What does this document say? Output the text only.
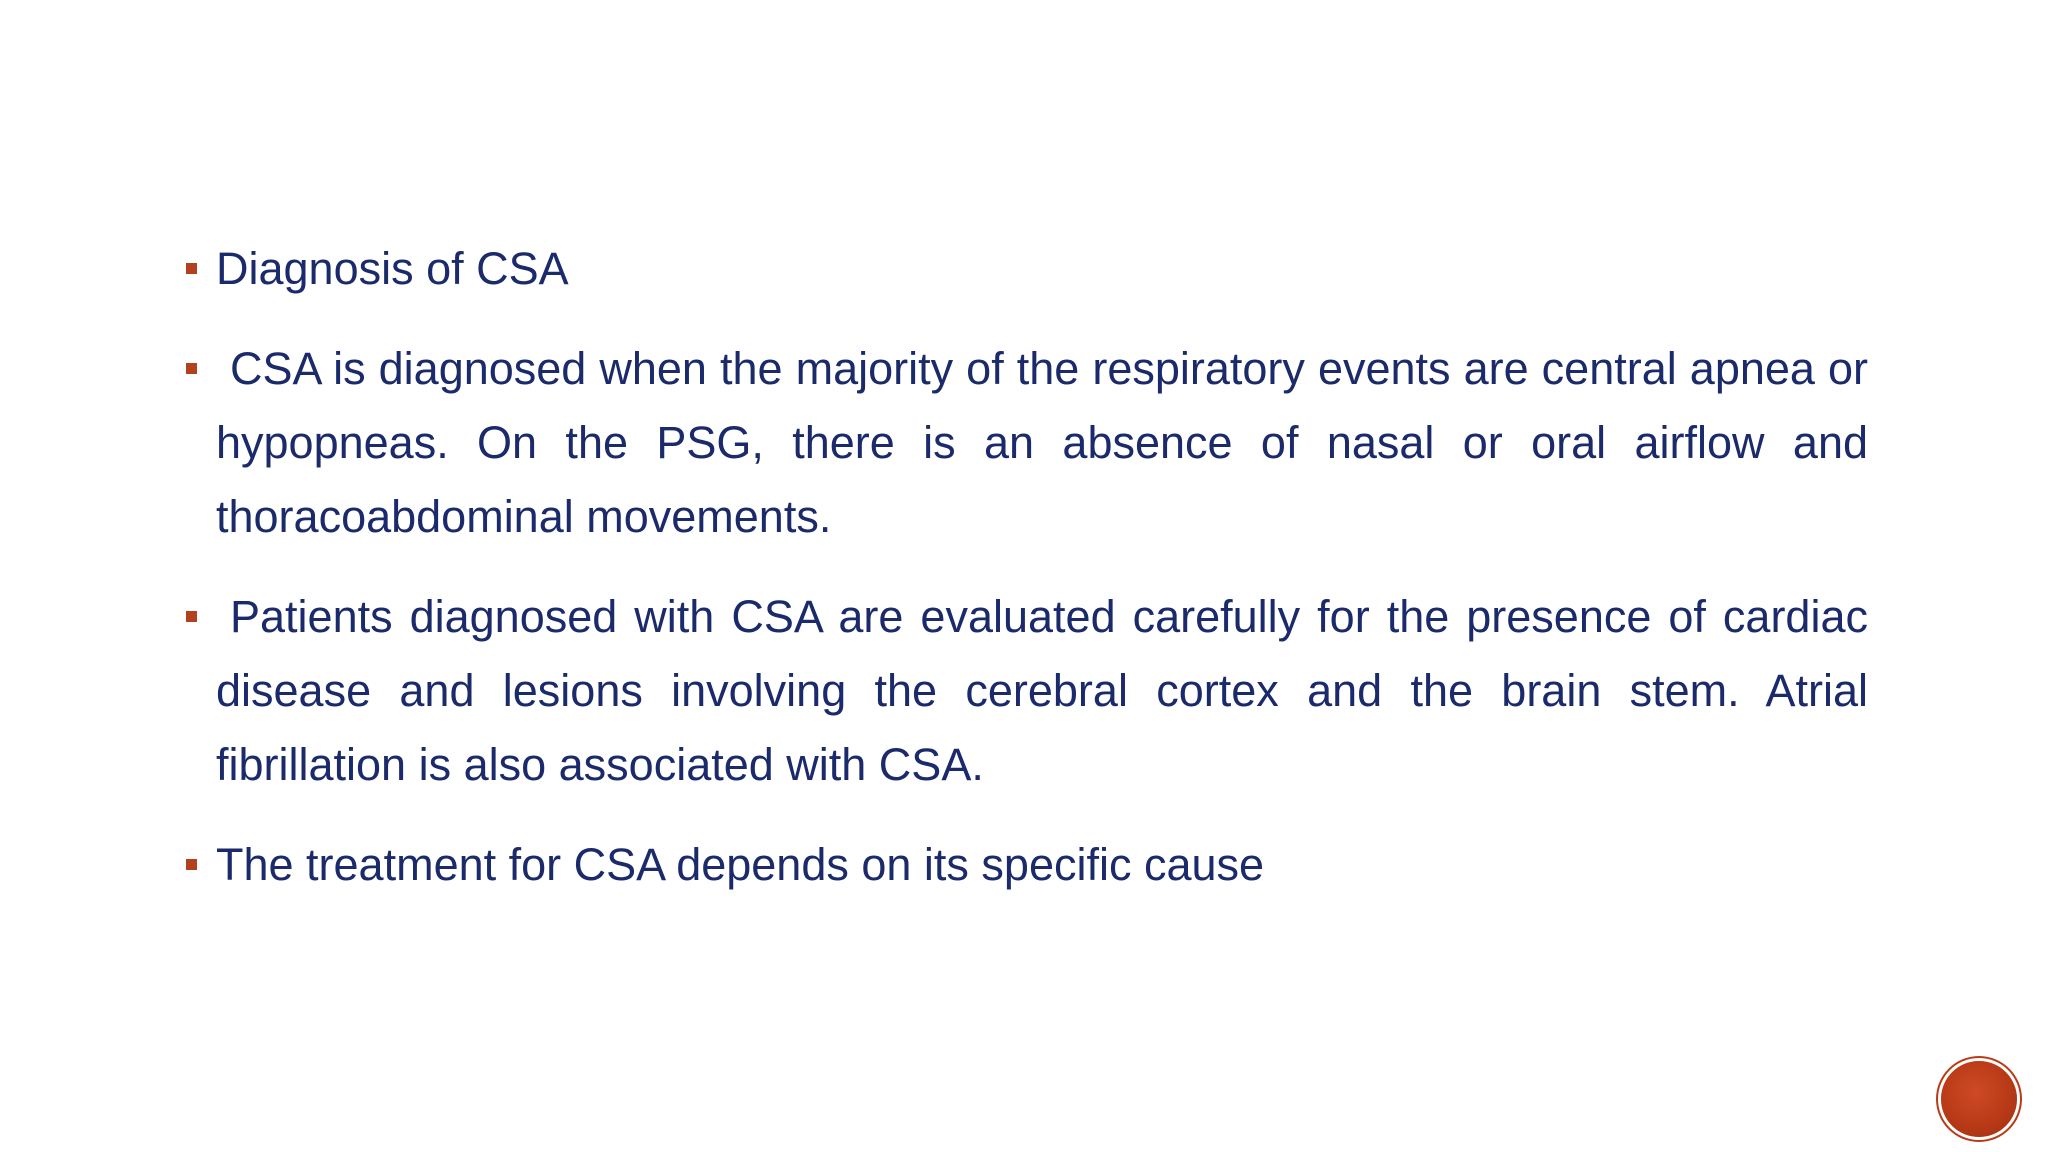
Diagnosis of CSA
CSA is diagnosed when the majority of the respiratory events are central apnea or hypopneas. On the PSG, there is an absence of nasal or oral airflow and thoracoabdominal movements.
Patients diagnosed with CSA are evaluated carefully for the presence of cardiac disease and lesions involving the cerebral cortex and the brain stem. Atrial fibrillation is also associated with CSA.
The treatment for CSA depends on its specific cause
